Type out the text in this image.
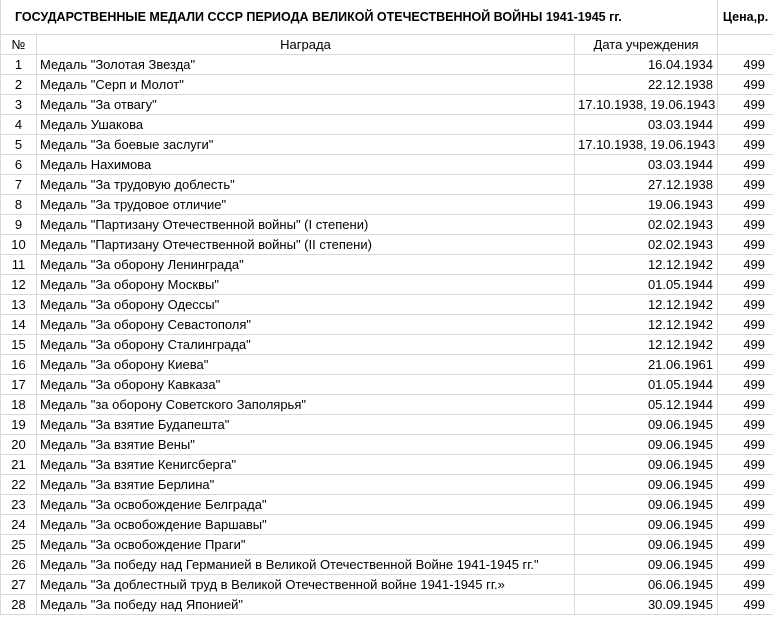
ГОСУДАРСТВЕННЫЕ МЕДАЛИ СССР ПЕРИОДА ВЕЛИКОЙ ОТЕЧЕСТВЕННОЙ ВОЙНЫ 1941-1945 гг.			Цена,р.
№	Награда	Дата учреждения	
1	Медаль "Золотая Звезда"	16.04.1934	499
2	Медаль "Серп и Молот"	22.12.1938	499
3	Медаль "За отвагу"	17.10.1938, 19.06.1943	499
4	Медаль Ушакова	03.03.1944	499
5	Медаль "За боевые заслуги"	17.10.1938, 19.06.1943	499
6	Медаль Нахимова	03.03.1944	499
7	Медаль "За трудовую доблесть"	27.12.1938	499
8	Медаль "За трудовое отличие"	19.06.1943	499
9	Медаль "Партизану Отечественной войны" (I степени)	02.02.1943	499
10	Медаль "Партизану Отечественной войны" (II степени)	02.02.1943	499
11	Медаль "За оборону Ленинграда"	12.12.1942	499
12	Медаль "За оборону Москвы"	01.05.1944	499
13	Медаль "За оборону Одессы"	12.12.1942	499
14	Медаль "За оборону Севастополя"	12.12.1942	499
15	Медаль "За оборону Сталинграда"	12.12.1942	499
16	Медаль "За оборону Киева"	21.06.1961	499
17	Медаль "За оборону Кавказа"	01.05.1944	499
18	Медаль "за оборону Советского Заполярья"	05.12.1944	499
19	Медаль "За взятие Будапешта"	09.06.1945	499
20	Медаль "За взятие Вены"	09.06.1945	499
21	Медаль "За взятие Кенигсберга"	09.06.1945	499
22	Медаль "За взятие Берлина"	09.06.1945	499
23	Медаль "За освобождение Белграда"	09.06.1945	499
24	Медаль "За освобождение Варшавы"	09.06.1945	499
25	Медаль "За освобождение Праги"	09.06.1945	499
26	Медаль "За победу над Германией в Великой Отечественной Войне 1941-1945 гг."	09.06.1945	499
27	Медаль "За доблестный труд в Великой Отечественной войне 1941-1945 гг.»	06.06.1945	499
28	Медаль "За победу над Японией"	30.09.1945	499
